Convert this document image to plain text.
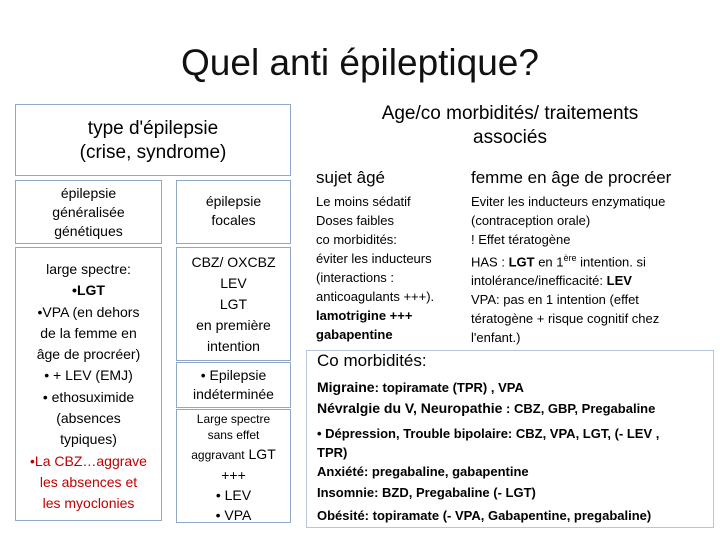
Quel anti épileptique?
type d'épilepsie
(crise, syndrome)
épilepsie
généralisée
génétiques
épilepsie
focales
large spectre:
•LGT
•VPA (en dehors
de la femme en
âge de procréer)
• + LEV (EMJ)
• ethosuximide
(absences
typiques)
•La CBZ…aggrave
les absences et
les myoclonies
CBZ/ OXCBZ
LEV
LGT
en première
intention
• Epilepsie
indéterminée
Large spectre
sans effet
aggravant LGT
+++
• LEV
• VPA
Age/co morbidités/ traitements
associés
sujet âgé
Le moins sédatif
Doses faibles
co morbidités:
éviter les inducteurs
(interactions :
anticoagulants +++).
lamotrigine +++
gabapentine
femme en âge de procréer
Eviter les inducteurs enzymatique
(contraception orale)
! Effet tératogène
HAS : LGT en 1ère intention. si
intolérance/inefficacité: LEV
VPA: pas en 1 intention (effet
tératogène + risque cognitif chez
l'enfant.)
Co morbidités:
Migraine: topiramate (TPR) , VPA
Névralgie du V, Neuropathie : CBZ, GBP, Pregabaline
• Dépression, Trouble bipolaire: CBZ, VPA, LGT, (- LEV ,
TPR)
Anxiété: pregabaline, gabapentine
Insomnie: BZD, Pregabaline (- LGT)
Obésité: topiramate (- VPA, Gabapentine, pregabaline)
